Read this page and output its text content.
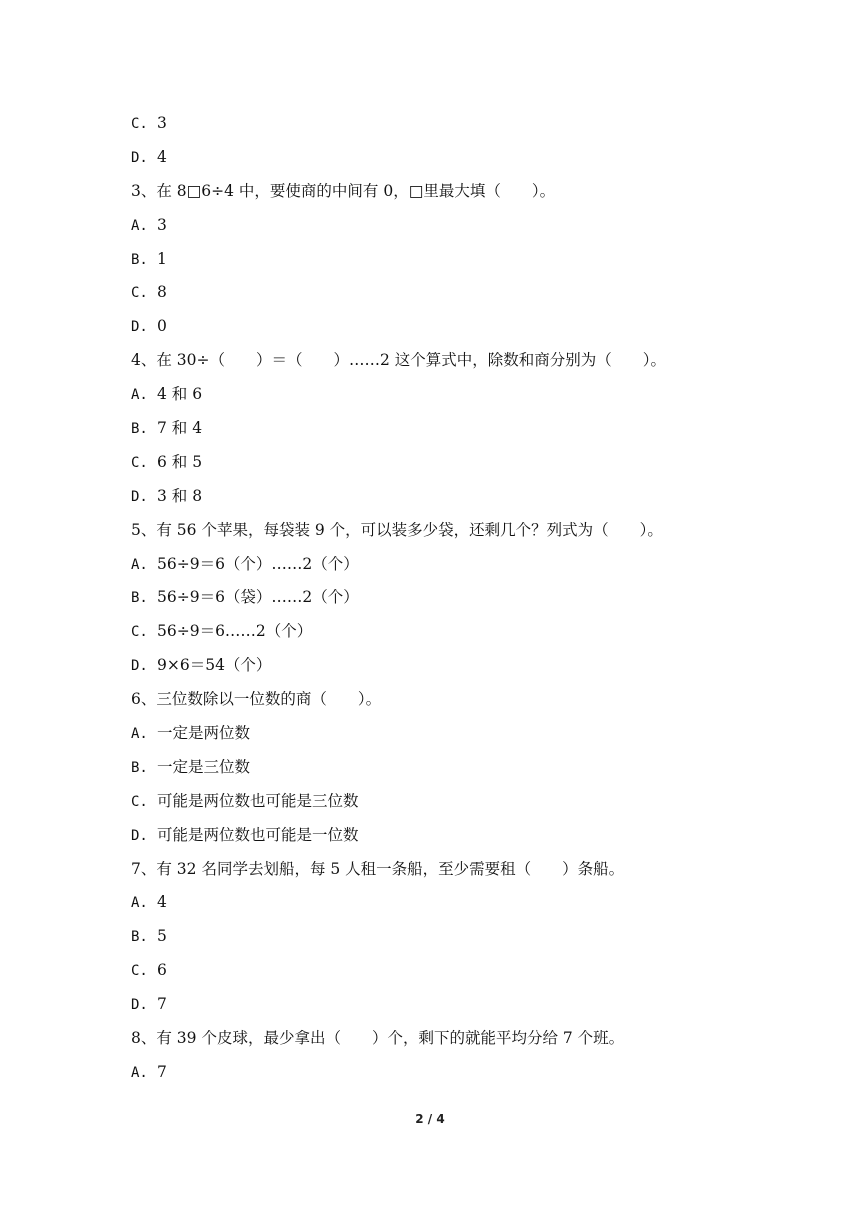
C. 3
D. 4
3、在 8□6÷4 中，要使商的中间有 0，□里最大填（　　）。
A. 3
B. 1
C. 8
D. 0
4、在 30÷（　　）＝（　　）……2 这个算式中，除数和商分别为（　　）。
A. 4 和 6
B. 7 和 4
C. 6 和 5
D. 3 和 8
5、有 56 个苹果，每袋装 9 个，可以装多少袋，还剩几个？列式为（　　）。
A. 56÷9＝6（个）……2（个）
B. 56÷9＝6（袋）……2（个）
C. 56÷9＝6……2（个）
D. 9×6＝54（个）
6、三位数除以一位数的商（　　）。
A. 一定是两位数
B. 一定是三位数
C. 可能是两位数也可能是三位数
D. 可能是两位数也可能是一位数
7、有 32 名同学去划船，每 5 人租一条船，至少需要租（　　）条船。
A. 4
B. 5
C. 6
D. 7
8、有 39 个皮球，最少拿出（　　）个，剩下的就能平均分给 7 个班。
A. 7
2 / 4
